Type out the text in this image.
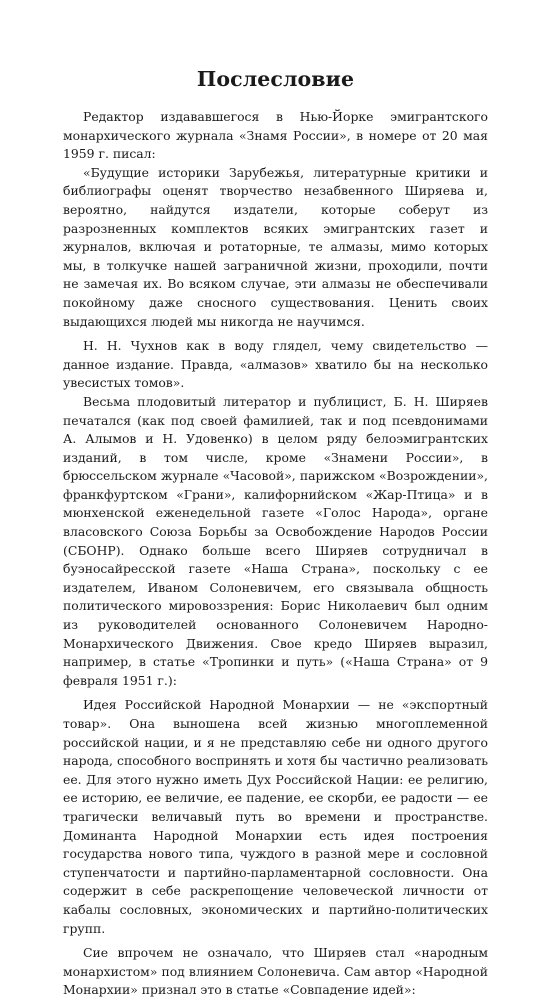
Послесловие

Редактор издававшегося в Нью-Йорке эмигрантского монархического журнала «Знамя России», в номере от 20 мая 1959 г. писал:

«Будущие историки Зарубежья, литературные критики и библиографы оценят творчество незабвенного Ширяева и, вероятно, найдутся издатели, которые соберут из разрозненных комплектов всяких эмигрантских газет и журналов, включая и ротаторные, те алмазы, мимо которых мы, в толкучке нашей заграничной жизни, проходили, почти не замечая их. Во всяком случае, эти алмазы не обеспечивали покойному даже сносного существования. Ценить своих выдающихся людей мы никогда не научимся.

Н. Н. Чухнов как в воду глядел, чему свидетельство — данное издание. Правда, «алмазов» хватило бы на несколько увесистых томов».

Весьма плодовитый литератор и публицист, Б. Н. Ширяев печатался (как под своей фамилией, так и под псевдонимами А. Алымов и Н. Удовенко) в целом ряду белоэмигрантских изданий, в том числе, кроме «Знамени России», в брюссельском журнале «Часовой», парижском «Возрождении», франкфуртском «Грани», калифорнийском «Жар-Птица» и в мюнхенской еженедельной газете «Голос Народа», органе власовского Союза Борьбы за Освобождение Народов России (СБОНР). Однако больше всего Ширяев сотрудничал в буэносайресской газете «Наша Страна», поскольку с ее издателем, Иваном Солоневичем, его связывала общность политического мировоззрения: Борис Николаевич был одним из руководителей основанного Солоневичем Народно-Монархического Движения. Свое кредо Ширяев выразил, например, в статье «Тропинки и путь» («Наша Страна» от 9 февраля 1951 г.):

Идея Российской Народной Монархии — не «экспортный товар». Она выношена всей жизнью многоплеменной российской нации, и я не представляю себе ни одного другого народа, способного воспринять и хотя бы частично реализовать ее. Для этого нужно иметь Дух Российской Нации: ее религию, ее историю, ее величие, ее падение, ее скорби, ее радости — ее трагически величавый путь во времени и пространстве. Доминанта Народной Монархии есть идея построения государства нового типа, чуждого в разной мере и сословной ступенчатости и партийно-парламентарной сословности. Она содержит в себе раскрепощение человеческой личности от кабалы сословных, экономических и партийно-политических групп.

Сие впрочем не означало, что Ширяев стал «народным монархистом» под влиянием Солоневича. Сам автор «Народной Монархии» признал это в статье «Совпадение идей»:
